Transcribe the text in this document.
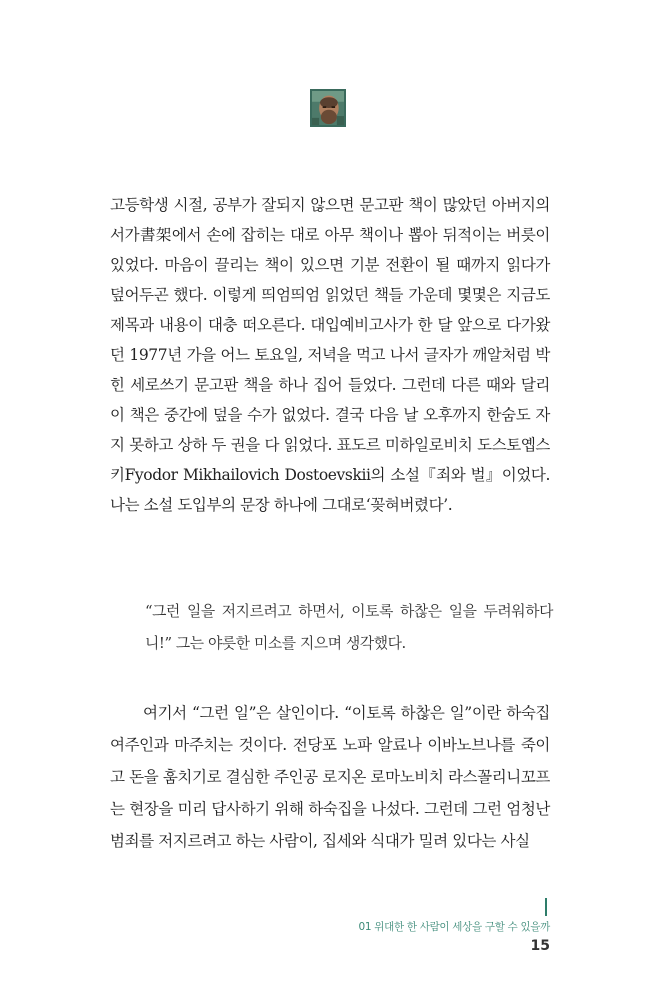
고등학생 시절, 공부가 잘되지 않으면 문고판 책이 많았던 아버지의 서가書架에서 손에 잡히는 대로 아무 책이나 뽑아 뒤적이는 버릇이 있었다. 마음이 끌리는 책이 있으면 기분 전환이 될 때까지 읽다가 덮어두곤 했다. 이렇게 띄엄띄엄 읽었던 책들 가운데 몇몇은 지금도 제목과 내용이 대충 떠오른다. 대입예비고사가 한 달 앞으로 다가왔던 1977년 가을 어느 토요일, 저녁을 먹고 나서 글자가 깨알처럼 박힌 세로쓰기 문고판 책을 하나 집어 들었다. 그런데 다른 때와 달리 이 책은 중간에 덮을 수가 없었다. 결국 다음 날 오후까지 한숨도 자지 못하고 상하 두 권을 다 읽었다. 표도르 미하일로비치 도스토옙스키Fyodor Mikhailovich Dostoevskii의 소설『죄와 벌』이었다. 나는 소설 도입부의 문장 하나에 그대로‘꽂혀버렸다’.

“그런 일을 저지르려고 하면서, 이토록 하찮은 일을 두려워하다니!” 그는 야릇한 미소를 지으며 생각했다.

여기서 “그런 일”은 살인이다. “이토록 하찮은 일”이란 하숙집 여주인과 마주치는 것이다. 전당포 노파 알료나 이바노브나를 죽이고 돈을 훔치기로 결심한 주인공 로지온 로마노비치 라스꼴리니꼬프는 현장을 미리 답사하기 위해 하숙집을 나섰다. 그런데 그런 엄청난 범죄를 저지르려고 하는 사람이, 집세와 식대가 밀려 있다는 사실

01 위대한 한 사람이 세상을 구할 수 있을까
15
